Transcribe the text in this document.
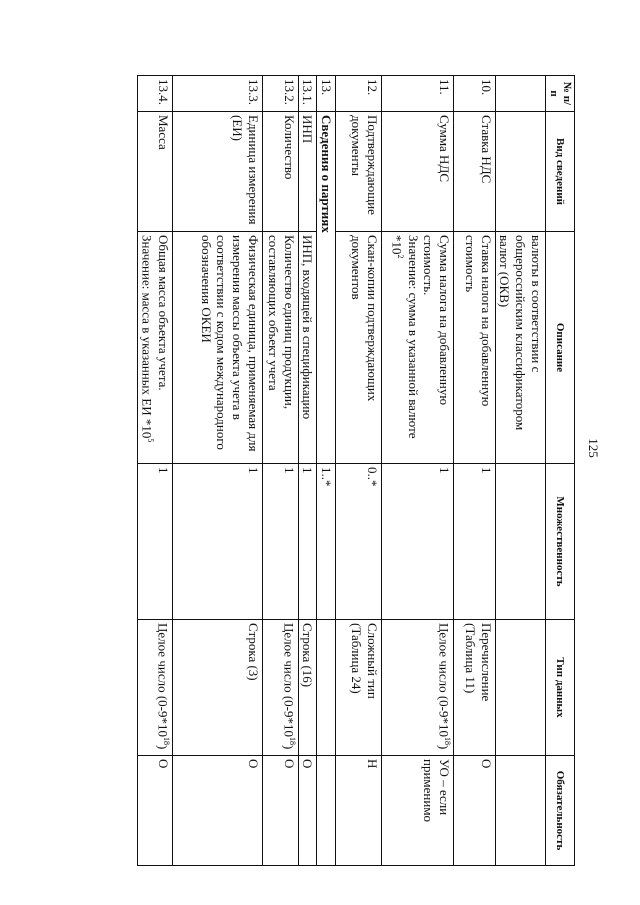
125
№ п/п	Вид сведений	Описание	Множественность	Тип данных	Обязательность
		валюты в соответствии с общероссийским классификатором валют (ОКВ)			
10.	Ставка НДС	Ставка налога на добавленную стоимость	1	Перечисление (Таблица 11)	О
11.	Сумма НДС	Сумма налога на добавленную стоимость.
Значение: сумма в указанной валюте $*10^2$	1	Целое число $(0-9*10^{18})$	УО – если применимо
12.	Подтверждающие документы	Скан-копии подтверждающих документов	0..*	Сложный тип (Таблица 24)	Н
13.	Сведения о партиях		1..*		
13.1.	ИНП	ИНП, входящей в спецификацию	1	Строка (16)	О
13.2.	Количество	Количество единиц продукции, составляющих объект учета	1	Целое число $(0-9*10^{18})$	О
13.3.	Единица измерения (ЕИ)	Физическая единица, применяемая для измерения массы объекта учета в соответствии с кодом международного обозначения ОКЕИ	1	Строка (3)	О
13.4.	Масса	Общая масса объекта учета.
Значение: масса в указанных ЕИ $*10^5$	1	Целое число $(0-9*10^{18})$	О
